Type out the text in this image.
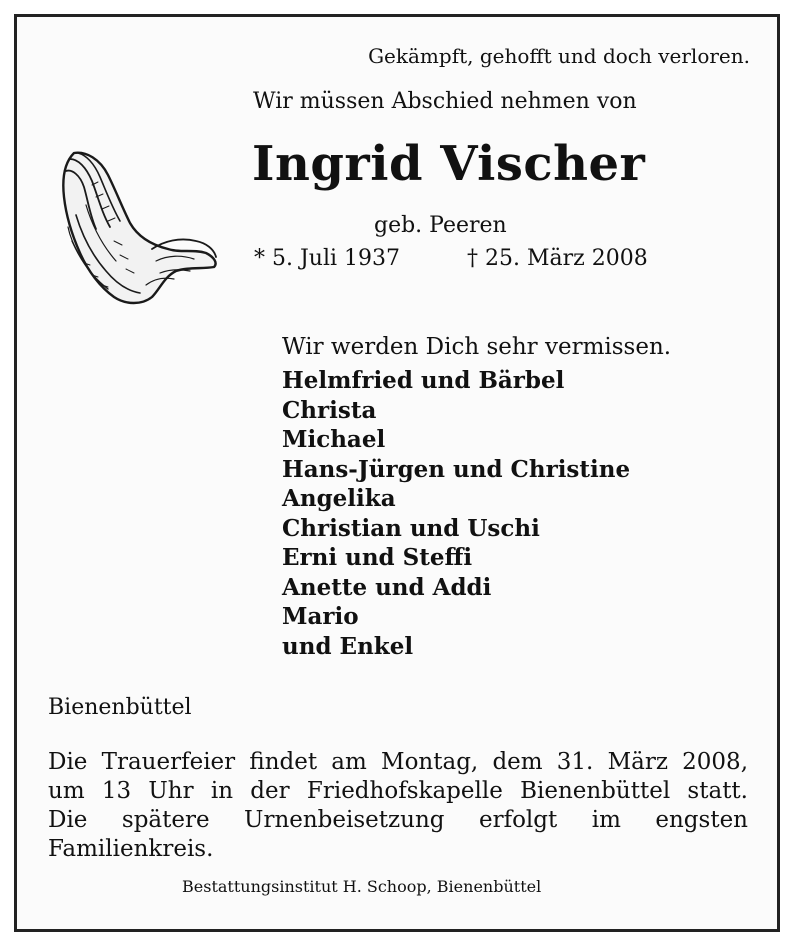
Gekämpft, gehofft und doch verloren.
Wir müssen Abschied nehmen von
Ingrid Vischer
geb. Peeren
* 5. Juli 1937	† 25. März 2008
Wir werden Dich sehr vermissen.
Helmfried und Bärbel
Christa
Michael
Hans-Jürgen und Christine
Angelika
Christian und Uschi
Erni und Steffi
Anette und Addi
Mario
und Enkel
Bienenbüttel

Die Trauerfeier findet am Montag, dem 31. März 2008,
um 13 Uhr in der Friedhofskapelle Bienenbüttel statt.
Die spätere Urnenbeisetzung erfolgt im engsten
Familienkreis.

Bestattungsinstitut H. Schoop, Bienenbüttel
